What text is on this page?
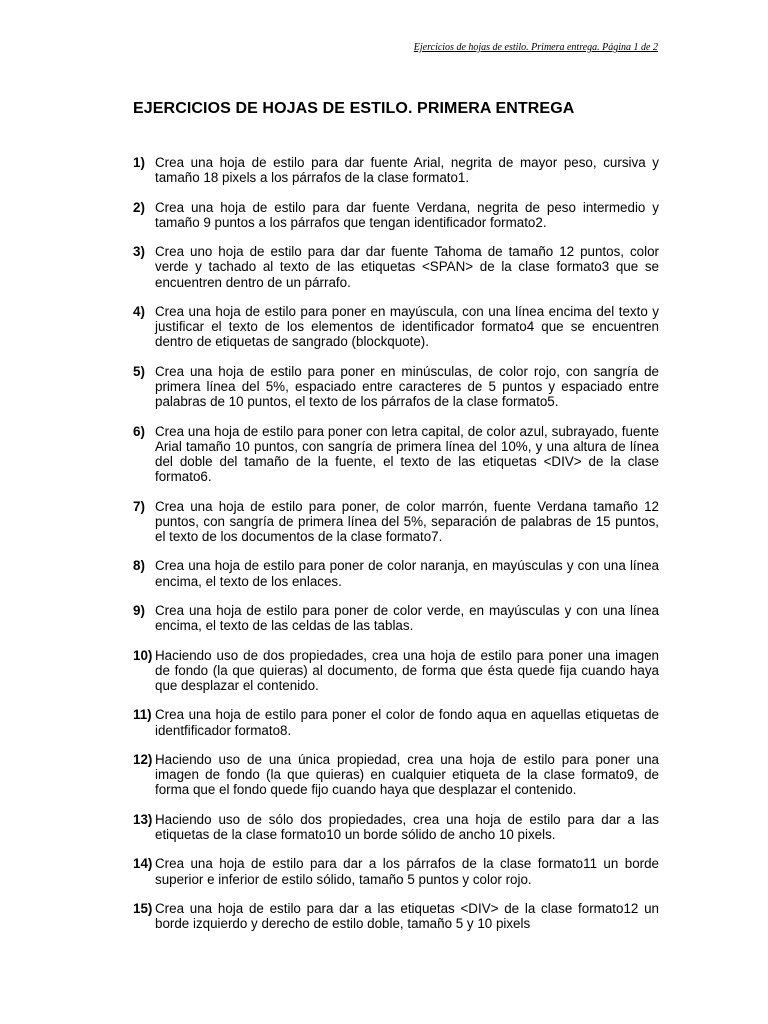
Ejercicios de hojas de estilo. Primera entrega. Página 1 de 2
EJERCICIOS DE HOJAS DE ESTILO. PRIMERA ENTREGA
1) Crea una hoja de estilo para dar fuente Arial, negrita de mayor peso, cursiva y tamaño 18 pixels a los párrafos de la clase formato1.
2) Crea una hoja de estilo para dar fuente Verdana, negrita de peso intermedio y tamaño 9 puntos a los párrafos que tengan identificador formato2.
3) Crea uno hoja de estilo para dar dar fuente Tahoma de tamaño 12 puntos, color verde y tachado al texto de las etiquetas <SPAN> de la clase formato3 que se encuentren dentro de un párrafo.
4) Crea una hoja de estilo para poner en mayúscula, con una línea encima del texto y justificar el texto de los elementos de identificador formato4 que se encuentren dentro de etiquetas de sangrado (blockquote).
5) Crea una hoja de estilo para poner en minúsculas, de color rojo, con sangría de primera línea del 5%, espaciado entre caracteres de 5 puntos y espaciado entre palabras de 10 puntos, el texto de los párrafos de la clase formato5.
6) Crea una hoja de estilo para poner con letra capital, de color azul, subrayado, fuente Arial tamaño 10 puntos, con sangría de primera línea del 10%, y una altura de línea del doble del tamaño de la fuente, el texto de las etiquetas <DIV> de la clase formato6.
7) Crea una hoja de estilo para poner, de color marrón, fuente Verdana tamaño 12 puntos, con sangría de primera línea del 5%, separación de palabras de 15 puntos, el texto de los documentos de la clase formato7.
8) Crea una hoja de estilo para poner de color naranja, en mayúsculas y con una línea encima, el texto de los enlaces.
9) Crea una hoja de estilo para poner de color verde, en mayúsculas y con una línea encima, el texto de las celdas de las tablas.
10) Haciendo uso de dos propiedades, crea una hoja de estilo para poner una imagen de fondo (la que quieras) al documento, de forma que ésta quede fija cuando haya que desplazar el contenido.
11) Crea una hoja de estilo para poner el color de fondo aqua en aquellas etiquetas de identfificador formato8.
12) Haciendo uso de una única propiedad, crea una hoja de estilo para poner una imagen de fondo (la que quieras) en cualquier etiqueta de la clase formato9, de forma que el fondo quede fijo cuando haya que desplazar el contenido.
13) Haciendo uso de sólo dos propiedades, crea una hoja de estilo para dar a las etiquetas de la clase formato10 un borde sólido de ancho 10 pixels.
14) Crea una hoja de estilo para dar a los párrafos de la clase formato11 un borde superior e inferior de estilo sólido, tamaño 5 puntos y color rojo.
15) Crea una hoja de estilo para dar a las etiquetas <DIV> de la clase formato12 un borde izquierdo y derecho de estilo doble, tamaño 5 y 10 pixels
